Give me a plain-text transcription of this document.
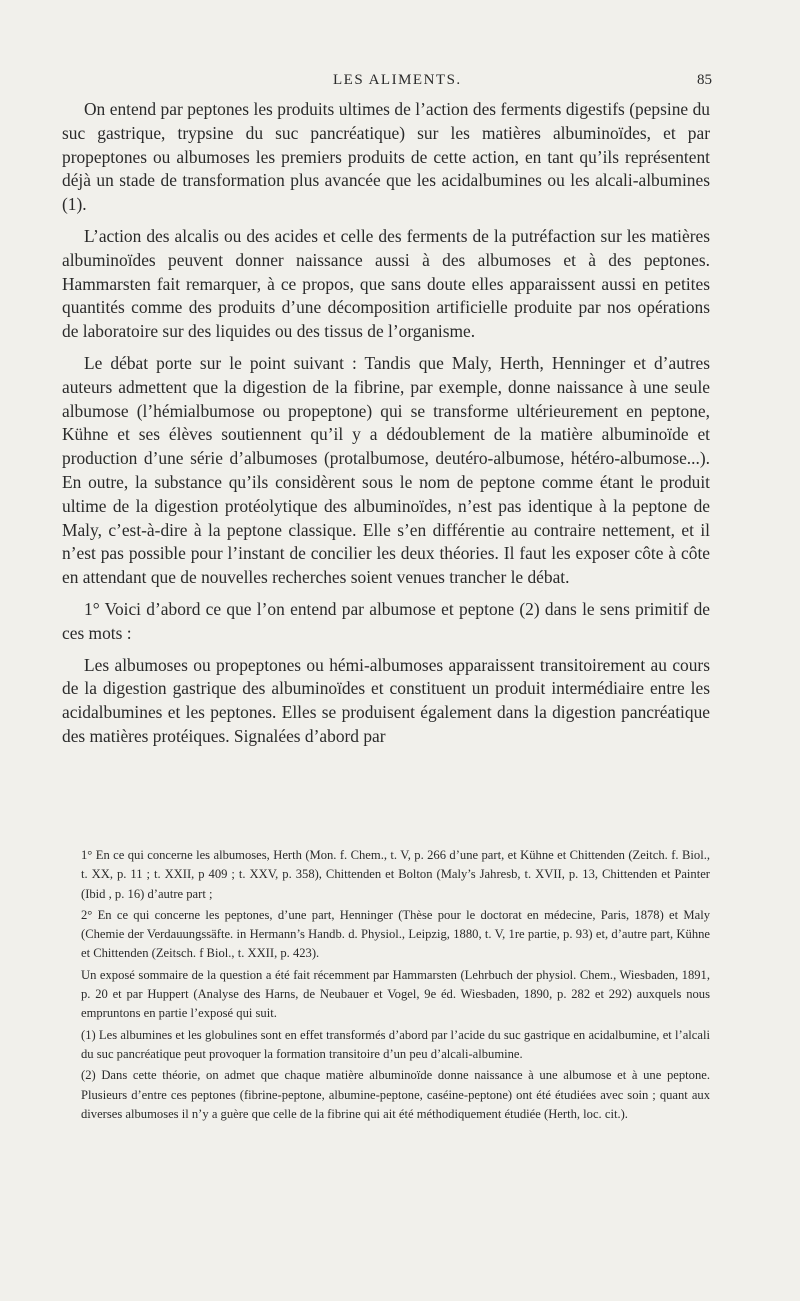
LES ALIMENTS.	85

On entend par peptones les produits ultimes de l’action des ferments digestifs (pepsine du suc gastrique, trypsine du suc pancréatique) sur les matières albuminoïdes, et par propeptones ou albumoses les premiers produits de cette action, en tant qu’ils représentent déjà un stade de transformation plus avancée que les acidalbumines ou les alcali-albumines (1).

L’action des alcalis ou des acides et celle des ferments de la putréfaction sur les matières albuminoïdes peuvent donner naissance aussi à des albumoses et à des peptones. Hammarsten fait remarquer, à ce propos, que sans doute elles apparaissent aussi en petites quantités comme des produits d’une décomposition artificielle produite par nos opérations de laboratoire sur des liquides ou des tissus de l’organisme.

Le débat porte sur le point suivant : Tandis que Maly, Herth, Henninger et d’autres auteurs admettent que la digestion de la fibrine, par exemple, donne naissance à une seule albumose (l’hémialbumose ou propeptone) qui se transforme ultérieurement en peptone, Kühne et ses élèves soutiennent qu’il y a dédoublement de la matière albuminoïde et production d’une série d’albumoses (protalbumose, deutéro-albumose, hétéro-albumose...). En outre, la substance qu’ils considèrent sous le nom de peptone comme étant le produit ultime de la digestion protéolytique des albuminoïdes, n’est pas identique à la peptone de Maly, c’est-à-dire à la peptone classique. Elle s’en différentie au contraire nettement, et il n’est pas possible pour l’instant de concilier les deux théories. Il faut les exposer côte à côte en attendant que de nouvelles recherches soient venues trancher le débat.

1° Voici d’abord ce que l’on entend par albumose et peptone (2) dans le sens primitif de ces mots :

Les albumoses ou propeptones ou hémi-albumoses apparaissent transitoirement au cours de la digestion gastrique des albuminoïdes et constituent un produit intermédiaire entre les acidalbumines et les peptones. Elles se produisent également dans la digestion pancréatique des matières protéiques. Signalées d’abord par

1° En ce qui concerne les albumoses, Herth (Mon. f. Chem., t. V, p. 266 d’une part, et Kühne et Chittenden (Zeitch. f. Biol., t. XX, p. 11 ; t. XXII, p 409 ; t. XXV, p. 358), Chittenden et Bolton (Maly’s Jahresb, t. XVII, p. 13, Chittenden et Painter (Ibid , p. 16) d’autre part ;

2° En ce qui concerne les peptones, d’une part, Henninger (Thèse pour le doctorat en médecine, Paris, 1878) et Maly (Chemie der Verdauungssäfte. in Hermann’s Handb. d. Physiol., Leipzig, 1880, t. V, 1re partie, p. 93) et, d’autre part, Kühne et Chittenden (Zeitsch. f Biol., t. XXII, p. 423).

Un exposé sommaire de la question a été fait récemment par Hammarsten (Lehrbuch der physiol. Chem., Wiesbaden, 1891, p. 20 et par Huppert (Analyse des Harns, de Neubauer et Vogel, 9e éd. Wiesbaden, 1890, p. 282 et 292) auxquels nous empruntons en partie l’exposé qui suit.

(1) Les albumines et les globulines sont en effet transformés d’abord par l’acide du suc gastrique en acidalbumine, et l’alcali du suc pancréatique peut provoquer la formation transitoire d’un peu d’alcali-albumine.

(2) Dans cette théorie, on admet que chaque matière albuminoïde donne naissance à une albumose et à une peptone. Plusieurs d’entre ces peptones (fibrine-peptone, albumine-peptone, caséine-peptone) ont été étudiées avec soin ; quant aux diverses albumoses il n’y a guère que celle de la fibrine qui ait été méthodiquement étudiée (Herth, loc. cit.).
